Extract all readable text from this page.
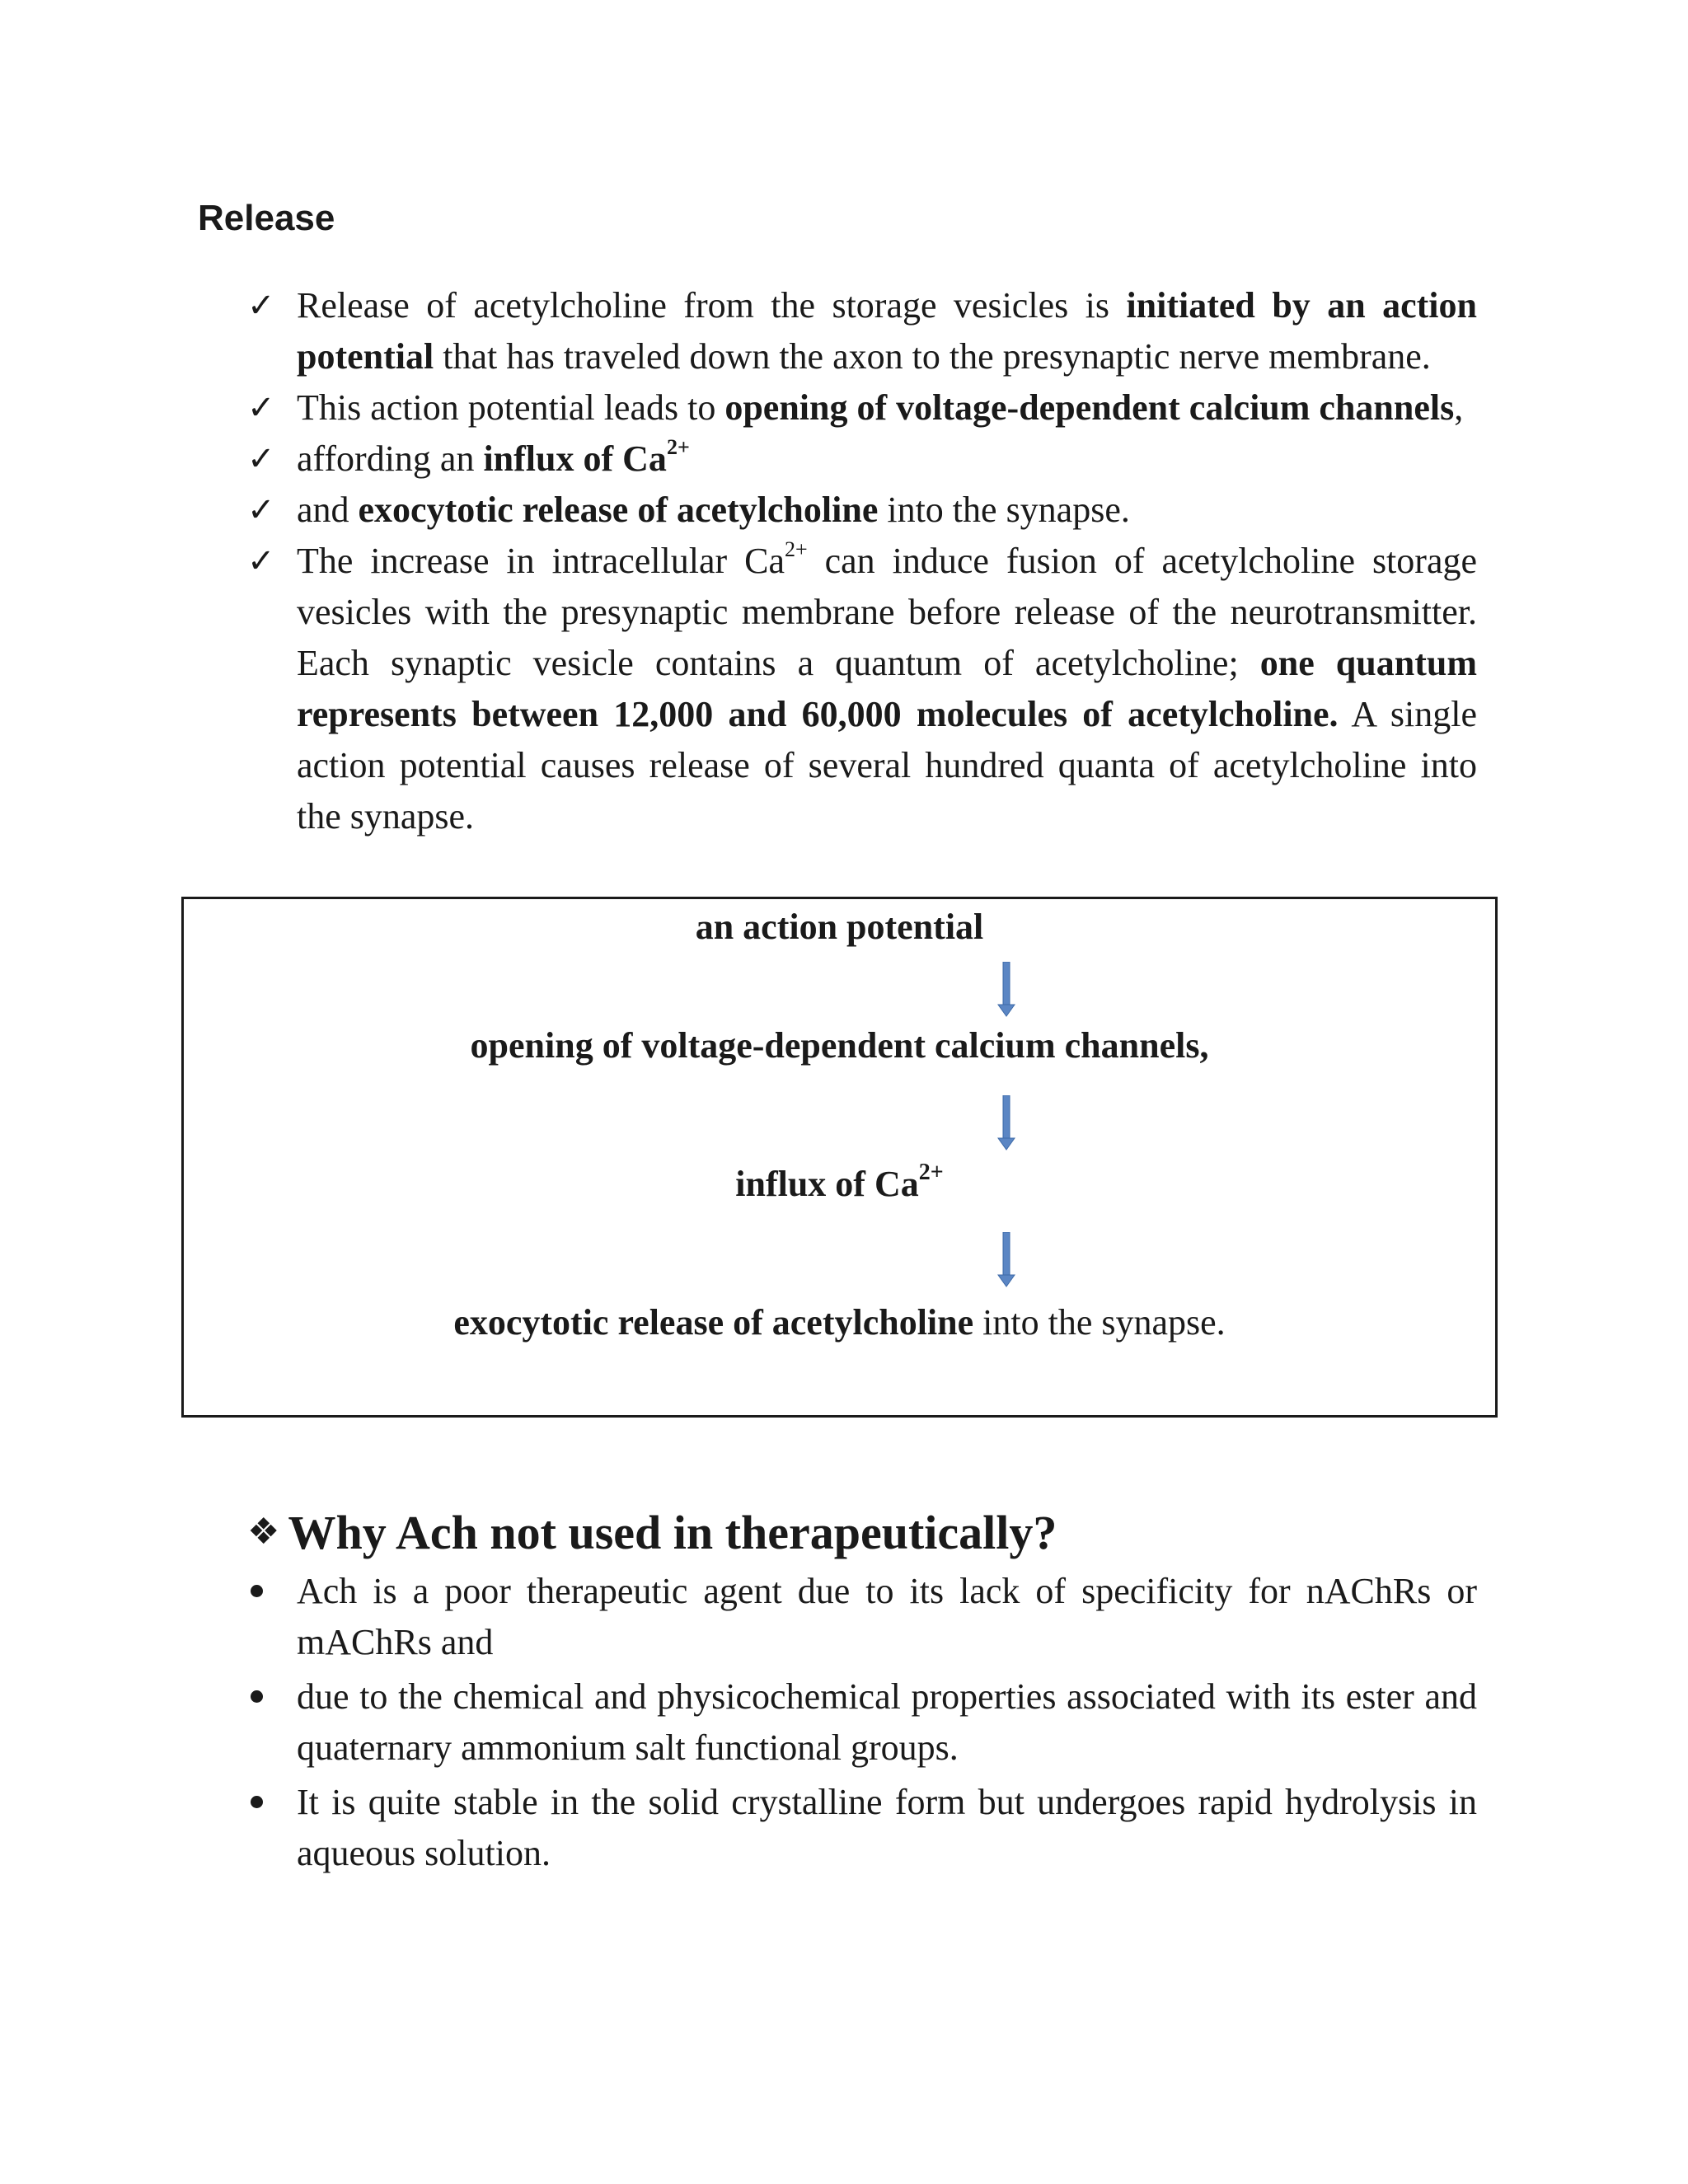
Release
✓ Release of acetylcholine from the storage vesicles is initiated by an action potential that has traveled down the axon to the presynaptic nerve membrane.
✓ This action potential leads to opening of voltage-dependent calcium channels,
✓ affording an influx of $Ca^{2+}$
✓ and exocytotic release of acetylcholine into the synapse.
✓ The increase in intracellular $Ca^{2+}$ can induce fusion of acetylcholine storage vesicles with the presynaptic membrane before release of the neurotransmitter. Each synaptic vesicle contains a quantum of acetylcholine; one quantum represents between 12,000 and 60,000 molecules of acetylcholine. A single action potential causes release of several hundred quanta of acetylcholine into the synapse.
an action potential
opening of voltage-dependent calcium channels,
influx of $Ca^{2+}$
exocytotic release of acetylcholine into the synapse.
❖ Why Ach not used in therapeutically?
Ach is a poor therapeutic agent due to its lack of specificity for nAChRs or mAChRs and
due to the chemical and physicochemical properties associated with its ester and quaternary ammonium salt functional groups.
It is quite stable in the solid crystalline form but undergoes rapid hydrolysis in aqueous solution.
